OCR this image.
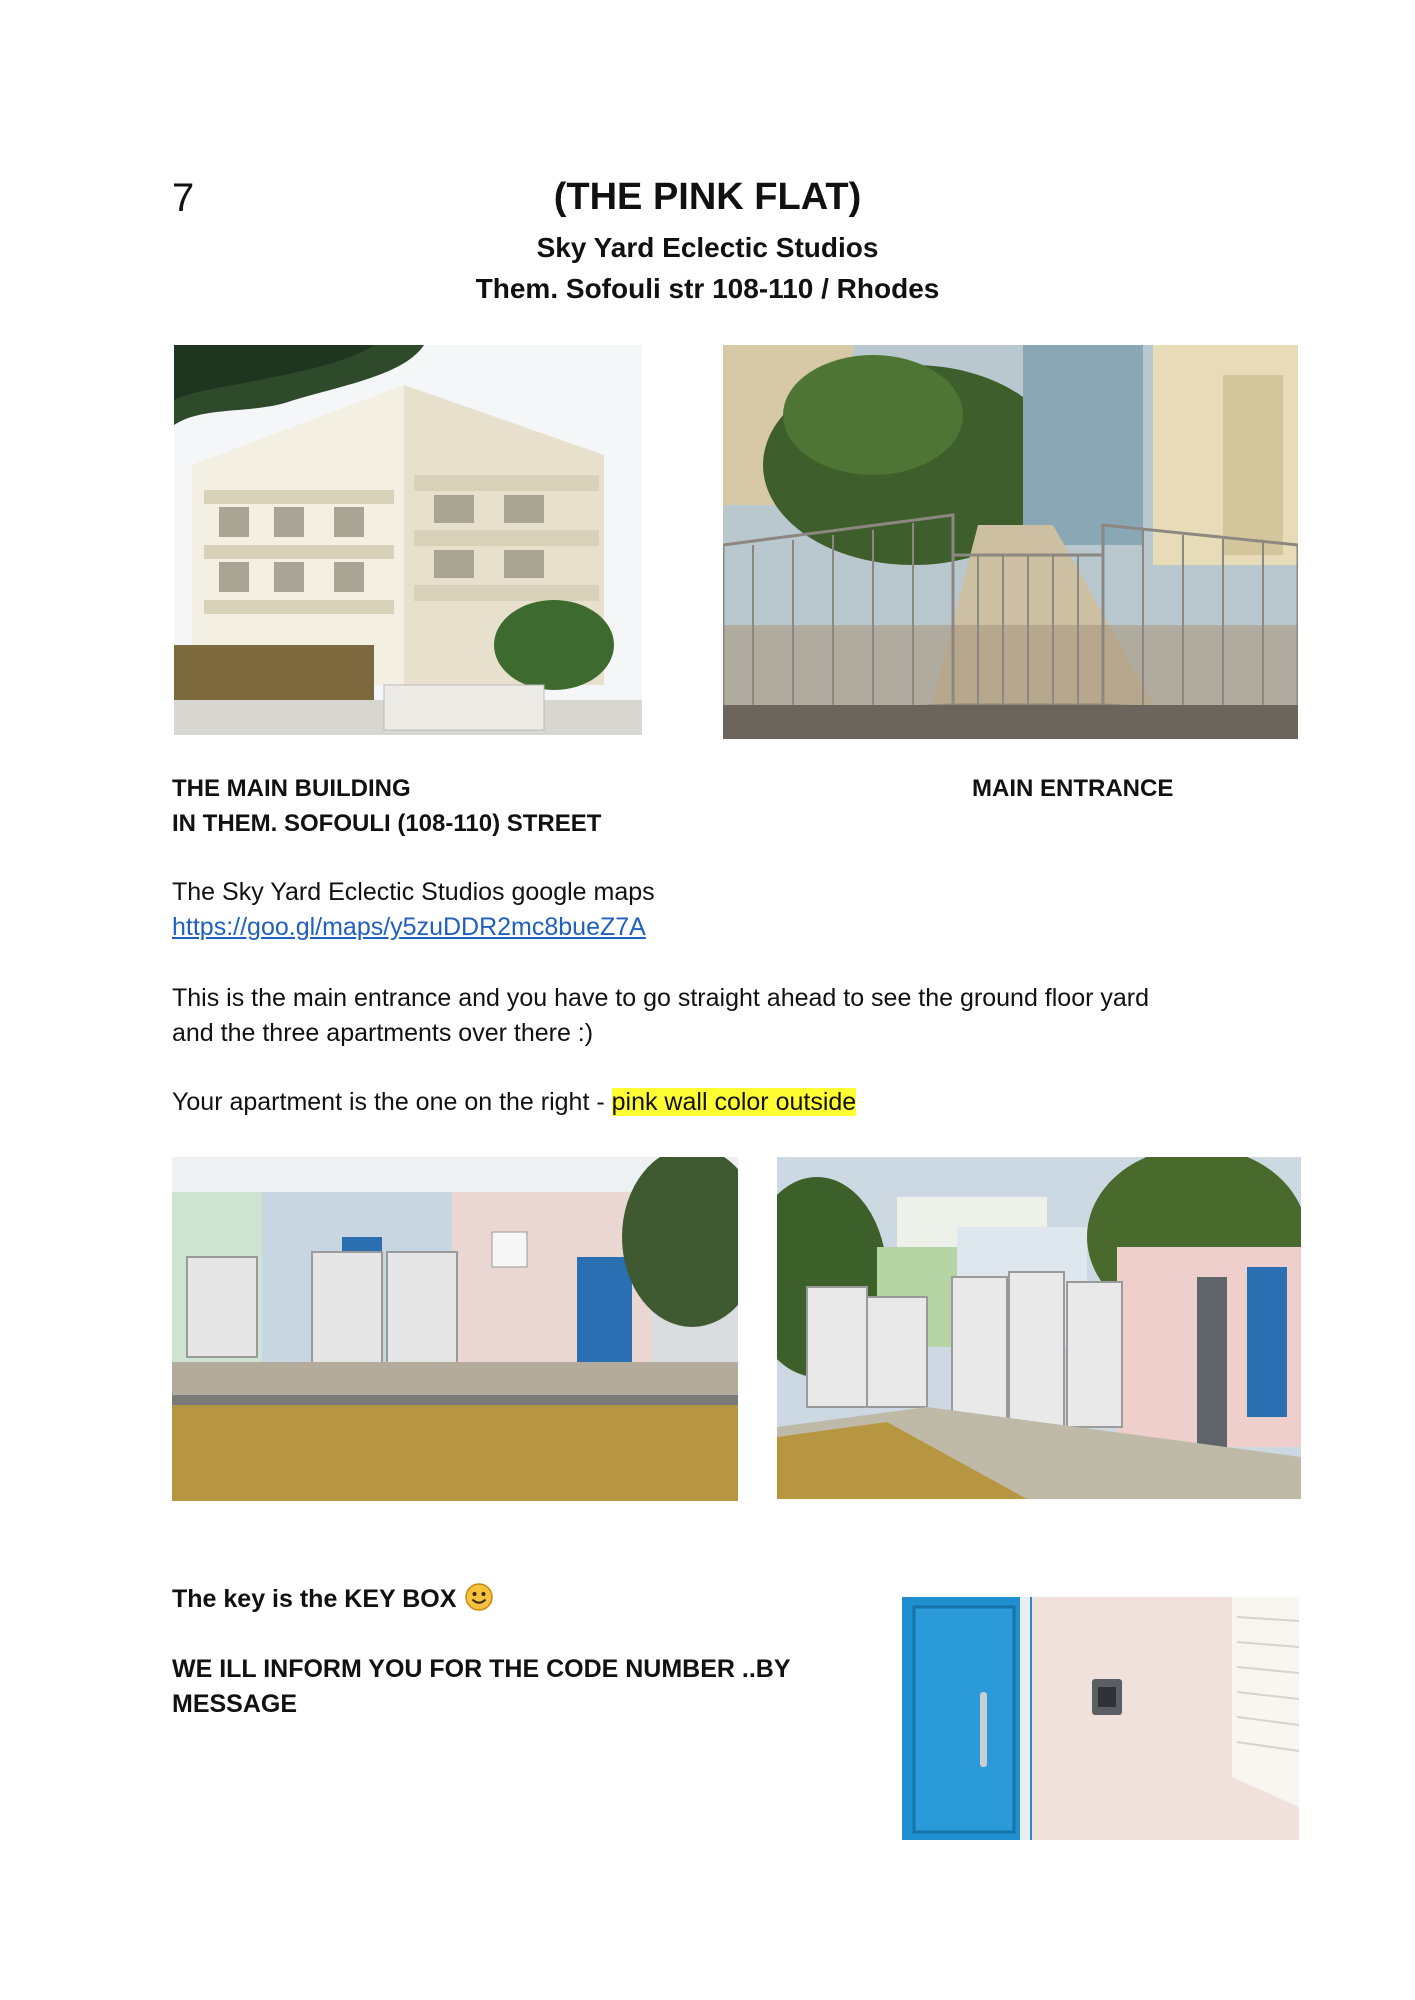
7	(THE PINK FLAT)
Sky Yard Eclectic Studios
Them. Sofouli str 108-110 / Rhodes
THE MAIN BUILDING
IN THEM. SOFOULI (108-110) STREET
MAIN ENTRANCE
The Sky Yard Eclectic Studios google maps
https://goo.gl/maps/y5zuDDR2mc8bueZ7A
This is the main entrance and you have to go straight ahead to see the ground floor yard
and the three apartments over there :)
Your apartment is the one on the right - pink wall color outside
The key is the KEY BOX
WE ILL INFORM YOU FOR THE CODE NUMBER ..BY
MESSAGE
